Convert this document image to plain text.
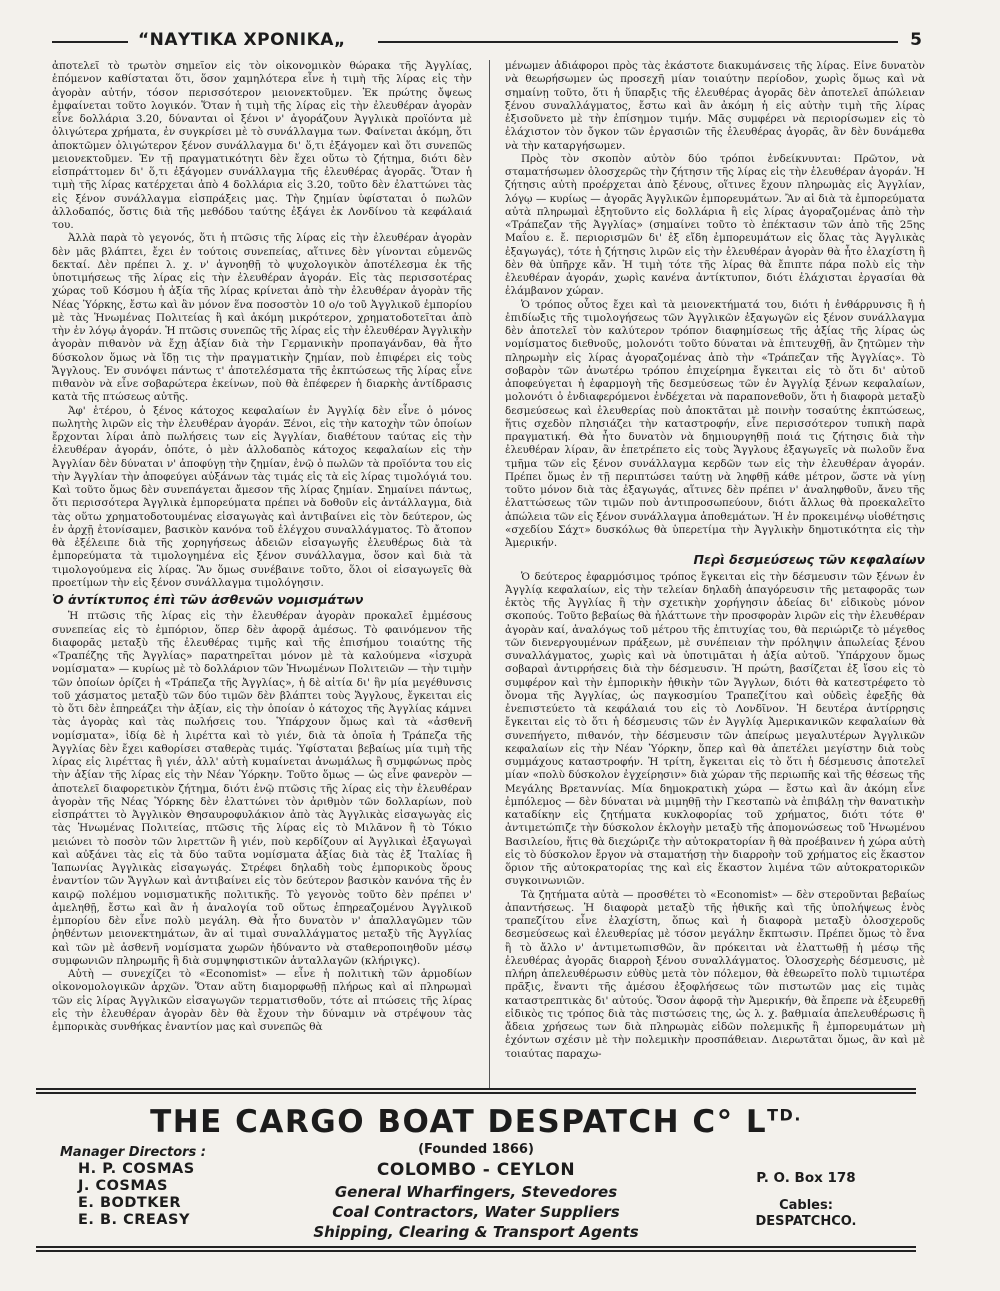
“ΝΑΥΤΙΚΑ ΧΡΟΝΙΚΑ„	5

ἀποτελεῖ τὸ τρωτὸν σημεῖον εἰς τὸν οἰκονομικὸν θώρακα τῆς Ἀγγλίας, ἑπόμενον καθίσταται ὅτι, ὅσον χαμηλότερα εἶνε ἡ τιμὴ τῆς λίρας εἰς τὴν ἀγορὰν αὐτήν, τόσον περισσότερον μειονεκτοῦμεν. Ἐκ πρώτης ὄψεως ἐμφαίνεται τοῦτο λογικόν. Ὅταν ἡ τιμὴ τῆς λίρας εἰς τὴν ἐλευθέραν ἀγορὰν εἶνε δολλάρια 3.20, δύνανται οἱ ξένοι ν' ἀγοράζουν Ἀγγλικὰ προϊόντα μὲ ὀλιγώτερα χρήματα, ἐν συγκρίσει μὲ τὸ συνάλλαγμα των. Φαίνεται ἀκόμη, ὅτι ἀποκτῶμεν ὀλιγώτερον ξένον συνάλλαγμα δι' ὅ,τι ἐξάγομεν καὶ ὅτι συνεπῶς μειονεκτοῦμεν. Ἐν τῇ πραγματικότητι δὲν ἔχει οὕτω τὸ ζήτημα, διότι δὲν εἰσπράττομεν δι' ὅ,τι ἐξάγομεν συνάλλαγμα τῆς ἐλευθέρας ἀγορᾶς. Ὅταν ἡ τιμὴ τῆς λίρας κατέρχεται ἀπὸ 4 δολλάρια εἰς 3.20, τοῦτο δὲν ἐλαττώνει τὰς εἰς ξένον συνάλλαγμα εἰσπράξεις μας. Τὴν ζημίαν ὑφίσταται ὁ πωλῶν ἀλλοδαπός, ὅστις διὰ τῆς μεθόδου ταύτης ἐξάγει ἐκ Λονδίνου τὰ κεφάλαιά του.

Ἀλλὰ παρὰ τὸ γεγονός, ὅτι ἡ πτῶσις τῆς λίρας εἰς τὴν ἐλευθέραν ἀγορὰν δὲν μᾶς βλάπτει, ἔχει ἐν τούτοις συνεπείας, αἵτινες δὲν γίνονται εὐμενῶς δεκταί. Δὲν πρέπει λ. χ. ν' ἀγνοηθῇ τὸ ψυχολογικὸν ἀποτέλεσμα ἐκ τῆς ὑποτιμήσεως τῆς λίρας εἰς τὴν ἐλευθέραν ἀγοράν. Εἰς τὰς περισσοτέρας χώρας τοῦ Κόσμου ἡ ἀξία τῆς λίρας κρίνεται ἀπὸ τὴν ἐλευθέραν ἀγορὰν τῆς Νέας Ὑόρκης, ἔστω καὶ ἂν μόνον ἕνα ποσοστὸν 10 ο/ο τοῦ Ἀγγλικοῦ ἐμπορίου μὲ τὰς Ἡνωμένας Πολιτείας ἢ καὶ ἀκόμη μικρότερον, χρηματοδοτεῖται ἀπὸ τὴν ἐν λόγῳ ἀγοράν. Ἡ πτῶσις συνεπῶς τῆς λίρας εἰς τὴν ἐλευθέραν Ἀγγλικὴν ἀγορὰν πιθανὸν νὰ ἔχῃ ἀξίαν διὰ τὴν Γερμανικὴν προπαγάνδαν, θὰ ἦτο δύσκολον ὅμως νὰ ἴδῃ τις τὴν πραγματικὴν ζημίαν, ποὺ ἐπιφέρει εἰς τοὺς Ἄγγλους. Ἐν συνόψει πάντως τ' ἀποτελέσματα τῆς ἐκπτώσεως τῆς λίρας εἶνε πιθανὸν νὰ εἶνε σοβαρώτερα ἐκείνων, ποὺ θὰ ἐπέφερεν ἡ διαρκὴς ἀντίδρασις κατὰ τῆς πτώσεως αὐτῆς.

Ἀφ' ἑτέρου, ὁ ξένος κάτοχος κεφαλαίων ἐν Ἀγγλίᾳ δὲν εἶνε ὁ μόνος πωλητὴς λιρῶν εἰς τὴν ἐλευθέραν ἀγοράν. Ξένοι, εἰς τὴν κατοχὴν τῶν ὁποίων ἔρχονται λίραι ἀπὸ πωλήσεις των εἰς Ἀγγλίαν, διαθέτουν ταύτας εἰς τὴν ἐλευθέραν ἀγοράν, ὁπότε, ὁ μὲν ἀλλοδαπὸς κάτοχος κεφαλαίων εἰς τὴν Ἀγγλίαν δὲν δύναται ν' ἀποφύγῃ τὴν ζημίαν, ἐνῷ ὁ πωλῶν τὰ προϊόντα του εἰς τὴν Ἀγγλίαν τὴν ἀποφεύγει αὐξάνων τὰς τιμάς εἰς τὰ εἰς λίρας τιμολόγιά του. Καὶ τοῦτο ὅμως δὲν συνεπάγεται ἄμεσον τῆς λίρας ζημίαν. Σημαίνει πάντως, ὅτι περισσότερα Ἀγγλικὰ ἐμπορεύματα πρέπει νὰ δοθοῦν εἰς ἀντάλλαγμα, διὰ τὰς οὕτω χρηματοδοτουμένας εἰσαγωγὰς καὶ ἀντιβαίνει εἰς τὸν δεύτερον, ὡς ἐν ἀρχῇ ἐτονίσαμεν, βασικὸν κανόνα τοῦ ἐλέγχου συναλλάγματος. Τὸ ἄτοπον θὰ ἐξέλειπε διὰ τῆς χορηγήσεως ἀδειῶν εἰσαγωγῆς ἐλευθέρως διὰ τὰ ἐμπορεύματα τὰ τιμολογημένα εἰς ξένον συνάλλαγμα, ὅσον καὶ διὰ τὰ τιμολογούμενα εἰς λίρας. Ἂν ὅμως συνέβαινε τοῦτο, ὅλοι οἱ εἰσαγωγεῖς θὰ προετίμων τὴν εἰς ξένον συνάλλαγμα τιμολόγησιν.

Ὁ ἀντίκτυπος ἐπὶ τῶν ἀσθενῶν νομισμάτων

Ἡ πτῶσις τῆς λίρας εἰς τὴν ἐλευθέραν ἀγορὰν προκαλεῖ ἐμμέσους συνεπείας εἰς τὸ ἐμπόριον, ὅπερ δὲν ἀφορᾷ ἀμέσως. Τὸ φαινόμενον τῆς διαφορᾶς μεταξὺ τῆς ἐλευθέρας τιμῆς καὶ τῆς ἐπισήμου τοιαύτης τῆς «Τραπέζης τῆς Ἀγγλίας» παρατηρεῖται μόνον μὲ τὰ καλούμενα «ἰσχυρὰ νομίσματα» — κυρίως μὲ τὸ δολλάριον τῶν Ἡνωμένων Πολιτειῶν — τὴν τιμὴν τῶν ὁποίων ὁρίζει ἡ «Τράπεζα τῆς Ἀγγλίας», ἡ δὲ αἰτία δι' ἣν μία μεγέθυνσις τοῦ χάσματος μεταξὺ τῶν δύο τιμῶν δὲν βλάπτει τοὺς Ἄγγλους, ἔγκειται εἰς τὸ ὅτι δὲν ἐπηρεάζει τὴν ἀξίαν, εἰς τὴν ὁποίαν ὁ κάτοχος τῆς Ἀγγλίας κάμνει τὰς ἀγορὰς καὶ τὰς πωλήσεις του. Ὑπάρχουν ὅμως καὶ τὰ «ἀσθενῆ νομίσματα», ἰδίᾳ δὲ ἡ λιρέττα καὶ τὸ γιέν, διὰ τὰ ὁποῖα ἡ Τράπεζα τῆς Ἀγγλίας δὲν ἔχει καθορίσει σταθερὰς τιμάς. Ὑφίσταται βεβαίως μία τιμὴ τῆς λίρας εἰς λιρέττας ἢ γιέν, ἀλλ' αὐτὴ κυμαίνεται ἀνωμάλως ἢ συμφώνως πρὸς τὴν ἀξίαν τῆς λίρας εἰς τὴν Νέαν Ὑόρκην. Τοῦτο ὅμως — ὡς εἶνε φανερὸν — ἀποτελεῖ διαφορετικὸν ζήτημα, διότι ἐνῷ πτῶσις τῆς λίρας εἰς τὴν ἐλευθέραν ἀγορὰν τῆς Νέας Ὑόρκης δὲν ἐλαττώνει τὸν ἀριθμὸν τῶν δολλαρίων, ποὺ εἰσπράττει τὸ Ἀγγλικὸν Θησαυροφυλάκιον ἀπὸ τὰς Ἀγγλικὰς εἰσαγωγὰς εἰς τὰς Ἡνωμένας Πολιτείας, πτῶσις τῆς λίρας εἰς τὸ Μιλᾶνον ἢ τὸ Τόκιο μειώνει τὸ ποσὸν τῶν λιρεττῶν ἢ γιέν, ποὺ κερδίζουν αἱ Ἀγγλικαὶ ἐξαγωγαὶ καὶ αὐξάνει τὰς εἰς τὰ δύο ταῦτα νομίσματα ἀξίας διὰ τὰς ἐξ Ἰταλίας ἢ Ἰαπωνίας Ἀγγλικὰς εἰσαγωγάς. Στρέφει δηλαδὴ τοὺς ἐμπορικοὺς ὅρους ἐναντίον τῶν Ἄγγλων καὶ ἀντιβαίνει εἰς τὸν δεύτερον βασικὸν κανόνα τῆς ἐν καιρῷ πολέμου νομισματικῆς πολιτικῆς. Τὸ γεγονὸς τοῦτο δὲν πρέπει ν' ἀμεληθῇ, ἔστω καὶ ἂν ἡ ἀναλογία τοῦ οὕτως ἐπηρεαζομένου Ἀγγλικοῦ ἐμπορίου δὲν εἶνε πολὺ μεγάλη. Θὰ ἦτο δυνατὸν ν' ἀπαλλαγῶμεν τῶν ῥηθέντων μειονεκτημάτων, ἂν αἱ τιμαὶ συναλλάγματος μεταξὺ τῆς Ἀγγλίας καὶ τῶν μὲ ἀσθενῆ νομίσματα χωρῶν ἠδύναντο νὰ σταθεροποιηθοῦν μέσῳ συμφωνιῶν πληρωμῆς ἢ διὰ συμψηφιστικῶν ἀνταλλαγῶν (κλήριγκς).

Αὐτὴ — συνεχίζει τὸ «Economist» — εἶνε ἡ πολιτικὴ τῶν ἁρμοδίων οἰκονομολογικῶν ἀρχῶν. Ὅταν αὕτη διαμορφωθῇ πλήρως καὶ αἱ πληρωμαὶ τῶν εἰς λίρας Ἀγγλικῶν εἰσαγωγῶν τερματισθοῦν, τότε αἱ πτώσεις τῆς λίρας εἰς τὴν ἐλευθέραν ἀγορὰν δὲν θὰ ἔχουν τὴν δύναμιν νὰ στρέψουν τὰς ἐμπορικὰς συνθήκας ἐναντίον μας καὶ συνεπῶς θὰ

μένωμεν ἀδιάφοροι πρὸς τὰς ἑκάστοτε διακυμάνσεις τῆς λίρας. Εἶνε δυνατὸν νὰ θεωρήσωμεν ὡς προσεχῆ μίαν τοιαύτην περίοδον, χωρὶς ὅμως καὶ νὰ σημαίνῃ τοῦτο, ὅτι ἡ ὕπαρξις τῆς ἐλευθέρας ἀγορᾶς δὲν ἀποτελεῖ ἀπώλειαν ξένου συναλλάγματος, ἔστω καὶ ἂν ἀκόμη ἡ εἰς αὐτὴν τιμὴ τῆς λίρας ἐξισοῦνετο μὲ τὴν ἐπίσημον τιμήν. Μᾶς συμφέρει νὰ περιορίσωμεν εἰς τὸ ἐλάχιστον τὸν ὄγκον τῶν ἐργασιῶν τῆς ἐλευθέρας ἀγορᾶς, ἂν δὲν δυνάμεθα νὰ τὴν καταργήσωμεν.

Πρὸς τὸν σκοπὸν αὐτὸν δύο τρόποι ἐνδείκνυνται: Πρῶτον, νὰ σταματήσωμεν ὁλοσχερῶς τὴν ζήτησιν τῆς λίρας εἰς τὴν ἐλευθέραν ἀγοράν. Ἡ ζήτησις αὐτὴ προέρχεται ἀπὸ ξένους, οἵτινες ἔχουν πληρωμὰς εἰς Ἀγγλίαν, λόγῳ — κυρίως — ἀγορᾶς Ἀγγλικῶν ἐμπορευμάτων. Ἂν αἱ διὰ τὰ ἐμπορεύματα αὐτὰ πληρωμαὶ ἐξητοῦντο εἰς δολλάρια ἢ εἰς λίρας ἀγοραζομένας ἀπὸ τὴν «Τράπεζαν τῆς Ἀγγλίας» (σημαίνει τοῦτο τὸ ἐπέκτασιν τῶν ἀπὸ τῆς 25ης Μαΐου ε. ἔ. περιορισμῶν δι' ἐξ εἴδη ἐμπορευμάτων εἰς ὅλας τὰς Ἀγγλικὰς ἐξαγωγάς), τότε ἡ ζήτησις λιρῶν εἰς τὴν ἐλευθέραν ἀγορὰν θὰ ἦτο ἐλαχίστη ἢ δὲν θὰ ὑπῆρχε κἄν. Ἡ τιμὴ τότε τῆς λίρας θὰ ἔπιπτε πάρα πολὺ εἰς τὴν ἐλευθέραν ἀγοράν, χωρὶς κανένα ἀντίκτυπον, διότι ἐλάχισται ἐργασίαι θὰ ἐλάμβανον χώραν.

Ὁ τρόπος οὗτος ἔχει καὶ τὰ μειονεκτήματά του, διότι ἡ ἐνθάρρυνσις ἢ ἡ ἐπιδίωξις τῆς τιμολογήσεως τῶν Ἀγγλικῶν ἐξαγωγῶν εἰς ξένον συνάλλαγμα δὲν ἀποτελεῖ τὸν καλύτερον τρόπον διαφημίσεως τῆς ἀξίας τῆς λίρας ὡς νομίσματος διεθνοῦς, μολονότι τοῦτο δύναται νὰ ἐπιτευχθῇ, ἂν ζητῶμεν τὴν πληρωμὴν εἰς λίρας ἀγοραζομένας ἀπὸ τὴν «Τράπεζαν τῆς Ἀγγλίας». Τὸ σοβαρὸν τῶν ἀνωτέρω τρόπου ἐπιχείρημα ἔγκειται εἰς τὸ ὅτι δι' αὐτοῦ ἀποφεύγεται ἡ ἐφαρμογὴ τῆς δεσμεύσεως τῶν ἐν Ἀγγλίᾳ ξένων κεφαλαίων, μολονότι ὁ ἐνδιαφερόμενοι ἐνδέχεται νὰ παραπονεθοῦν, ὅτι ἡ διαφορὰ μεταξὺ δεσμεύσεως καὶ ἐλευθερίας ποὺ ἀποκτᾶται μὲ ποινὴν τοσαύτης ἐκπτώσεως, ἥτις σχεδὸν πλησιάζει τὴν καταστροφήν, εἶνε περισσότερον τυπικὴ παρὰ πραγματική. Θὰ ἦτο δυνατὸν νὰ δημιουργηθῇ ποιά τις ζήτησις διὰ τὴν ἐλευθέραν λίραν, ἂν ἐπετρέπετο εἰς τοὺς Ἄγγλους ἐξαγωγεῖς νὰ πωλοῦν ἕνα τμῆμα τῶν εἰς ξένον συνάλλαγμα κερδῶν των εἰς τὴν ἐλευθέραν ἀγοράν. Πρέπει ὅμως ἐν τῇ περιπτώσει ταύτῃ νὰ ληφθῇ κάθε μέτρον, ὥστε νὰ γίνῃ τοῦτο μόνον διὰ τὰς ἐξαγωγάς, αἵτινες δὲν πρέπει ν' ἀναληφθοῦν, ἄνευ τῆς ἐλαττώσεως τῶν τιμῶν ποὺ ἀντιπροσωπεύουν, διότι ἄλλως θὰ προεκαλεῖτο ἀπώλεια τῶν εἰς ξένον συνάλλαγμα ἀποθεμάτων. Ἡ ἐν προκειμένῳ υἱοθέτησις «σχεδίου Σάχτ» δυσκόλως θὰ ὑπερετίμα τὴν Ἀγγλικὴν δημοτικότητα εἰς τὴν Ἀμερικήν.

Περὶ δεσμεύσεως τῶν κεφαλαίων

Ὁ δεύτερος ἐφαρμόσιμος τρόπος ἔγκειται εἰς τὴν δέσμευσιν τῶν ξένων ἐν Ἀγγλίᾳ κεφαλαίων, εἰς τὴν τελείαν δηλαδὴ ἀπαγόρευσιν τῆς μεταφορᾶς των ἐκτὸς τῆς Ἀγγλίας ἢ τὴν σχετικὴν χορήγησιν ἀδείας δι' εἰδικοὺς μόνον σκοπούς. Τοῦτο βεβαίως θὰ ἠλάττωνε τὴν προσφορὰν λιρῶν εἰς τὴν ἐλευθέραν ἀγορὰν καί, ἀναλόγως τοῦ μέτρου τῆς ἐπιτυχίας του, θὰ περιώριζε τὸ μέγεθος τῶν διενεργουμένων πράξεων, μὲ συνέπειαν τὴν πρόληψιν ἀπωλείας ξένου συναλλάγματος, χωρὶς καὶ νὰ ὑποτιμᾶται ἡ ἀξία αὐτοῦ. Ὑπάρχουν ὅμως σοβαραὶ ἀντιρρήσεις διὰ τὴν δέσμευσιν. Ἡ πρώτη, βασίζεται ἐξ ἴσου εἰς τὸ συμφέρον καὶ τὴν ἐμπορικὴν ἠθικὴν τῶν Ἄγγλων, διότι θὰ κατεστρέφετο τὸ ὄνομα τῆς Ἀγγλίας, ὡς παγκοσμίου Τραπεζίτου καὶ οὐδεὶς ἐφεξῆς θὰ ἐνεπιστεύετο τὰ κεφάλαιά του εἰς τὸ Λονδῖνον. Ἡ δευτέρα ἀντίρρησις ἔγκειται εἰς τὸ ὅτι ἡ δέσμευσις τῶν ἐν Ἀγγλίᾳ Ἀμερικανικῶν κεφαλαίων θὰ συνεπήγετο, πιθανόν, τὴν δέσμευσιν τῶν ἀπείρως μεγαλυτέρων Ἀγγλικῶν κεφαλαίων εἰς τὴν Νέαν Ὑόρκην, ὅπερ καὶ θὰ ἀπετέλει μεγίστην διὰ τοὺς συμμάχους καταστροφήν. Ἡ τρίτη, ἔγκειται εἰς τὸ ὅτι ἡ δέσμευσις ἀποτελεῖ μίαν «πολὺ δύσκολον ἐγχείρησιν» διὰ χώραν τῆς περιωπῆς καὶ τῆς θέσεως τῆς Μεγάλης Βρεταννίας. Μία δημοκρατικὴ χώρα — ἔστω καὶ ἂν ἀκόμη εἶνε ἐμπόλεμος — δὲν δύναται νὰ μιμηθῇ τὴν Γκεσταπὼ νὰ ἐπιβάλῃ τὴν θανατικὴν καταδίκην εἰς ζητήματα κυκλοφορίας τοῦ χρήματος, διότι τότε θ' ἀντιμετώπιζε τὴν δύσκολον ἐκλογὴν μεταξὺ τῆς ἀπομονώσεως τοῦ Ἡνωμένου Βασιλείου, ἥτις θὰ διεχώριζε τὴν αὐτοκρατορίαν ἢ θὰ προέβαινεν ἡ χώρα αὐτὴ εἰς τὸ δύσκολον ἔργον νὰ σταματήσῃ τὴν διαρροὴν τοῦ χρήματος εἰς ἕκαστον ὅριον τῆς αὐτοκρατορίας της καὶ εἰς ἕκαστον λιμένα τῶν αὐτοκρατορικῶν συγκοινωνιῶν.

Τὰ ζητήματα αὐτὰ — προσθέτει τὸ «Economist» — δὲν στεροῦνται βεβαίως ἀπαντήσεως. Ἡ διαφορὰ μεταξὺ τῆς ἠθικῆς καὶ τῆς ὑπολήψεως ἑνὸς τραπεζίτου εἶνε ἐλαχίστη, ὅπως καὶ ἡ διαφορὰ μεταξὺ ὁλοσχεροῦς δεσμεύσεως καὶ ἐλευθερίας μὲ τόσον μεγάλην ἔκπτωσιν. Πρέπει ὅμως τὸ ἕνα ἢ τὸ ἄλλο ν' ἀντιμετωπισθῶν, ἂν πρόκειται νὰ ἐλαττωθῇ ἡ μέσῳ τῆς ἐλευθέρας ἀγορᾶς διαρροὴ ξένου συναλλάγματος. Ὁλοσχερὴς δέσμευσις, μὲ πλήρη ἀπελευθέρωσιν εὐθὺς μετὰ τὸν πόλεμον, θὰ ἐθεωρεῖτο πολὺ τιμιωτέρα πρᾶξις, ἔναντι τῆς ἀμέσου ἐξοφλήσεως τῶν πιστωτῶν μας εἰς τιμὰς καταστρεπτικὰς δι' αὐτούς. Ὅσον ἀφορᾷ τὴν Ἀμερικήν, θὰ ἔπρεπε νὰ ἐξευρεθῇ εἰδικὸς τις τρόπος διὰ τὰς πιστώσεις της, ὡς λ. χ. βαθμιαία ἀπελευθέρωσις ἢ ἄδεια χρήσεως των διὰ πληρωμὰς εἰδῶν πολεμικῆς ἢ ἐμπορευμάτων μὴ ἐχόντων σχέσιν μὲ τὴν πολεμικὴν προσπάθειαν. Διερωτᾶται ὅμως, ἂν καὶ μὲ τοιαύτας παραχω-

THE CARGO BOAT DESPATCH C° $L^{TD.}$
(Founded 1866)
COLOMBO - CEYLON
Manager Directors :
H. P. COSMAS
J. COSMAS
E. BODTKER
E. B. CREASY
General Wharfingers, Stevedores
Coal Contractors, Water Suppliers
Shipping, Clearing & Transport Agents
P. O. Box 178
Cables:
DESPATCHCO.
